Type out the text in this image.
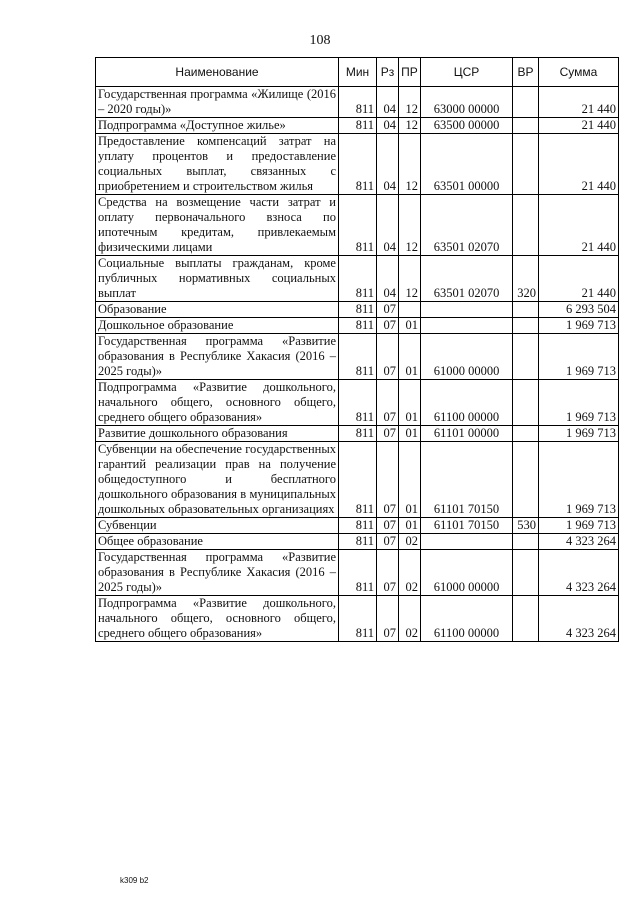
108
Наименование	Мин	Рз	ПР	ЦСР	ВР	Сумма
Государственная программа «Жилище (2016 – 2020 годы)»	811	04	12	63000 00000		21 440
Подпрограмма «Доступное жилье»	811	04	12	63500 00000		21 440
Предоставление компенсаций затрат на уплату процентов и предоставление социальных выплат, связанных с приобретением и строительством жилья	811	04	12	63501 00000		21 440
Средства на возмещение части затрат и оплату первоначального взноса по ипотечным кредитам, привлекаемым физическими лицами	811	04	12	63501 02070		21 440
Социальные выплаты гражданам, кроме публичных нормативных социальных выплат	811	04	12	63501 02070	320	21 440
Образование	811	07				6 293 504
Дошкольное образование	811	07	01			1 969 713
Государственная программа «Развитие образования в Республике Хакасия (2016 – 2025 годы)»	811	07	01	61000 00000		1 969 713
Подпрограмма «Развитие дошкольного, начального общего, основного общего, среднего общего образования»	811	07	01	61100 00000		1 969 713
Развитие дошкольного образования	811	07	01	61101 00000		1 969 713
Субвенции на обеспечение государственных гарантий реализации прав на получение общедоступного и бесплатного дошкольного образования в муниципальных дошкольных образовательных организациях	811	07	01	61101 70150		1 969 713
Субвенции	811	07	01	61101 70150	530	1 969 713
Общее образование	811	07	02			4 323 264
Государственная программа «Развитие образования в Республике Хакасия (2016 – 2025 годы)»	811	07	02	61000 00000		4 323 264
Подпрограмма «Развитие дошкольного, начального общего, основного общего, среднего общего образования»	811	07	02	61100 00000		4 323 264
k309 b2
